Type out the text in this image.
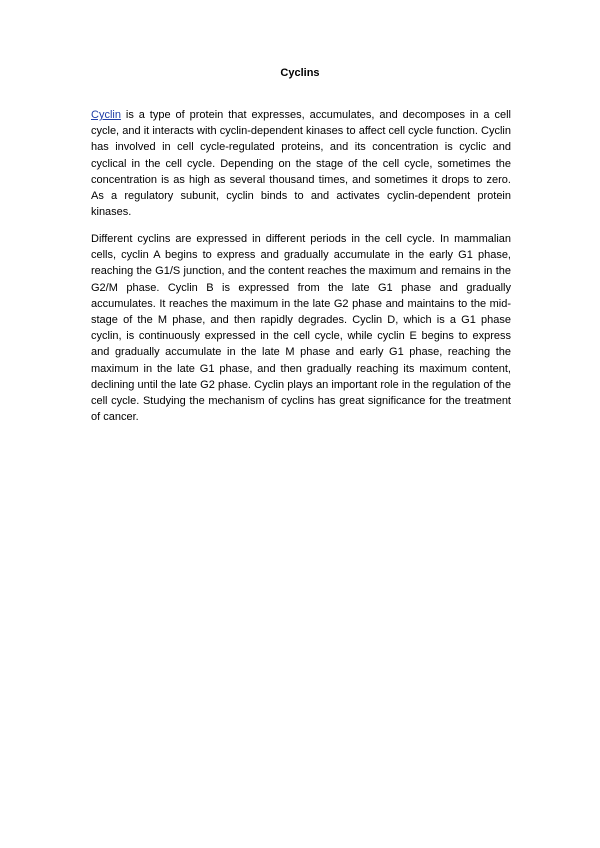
Cyclins

Cyclin is a type of protein that expresses, accumulates, and decomposes in a cell cycle, and it interacts with cyclin-dependent kinases to affect cell cycle function. Cyclin has involved in cell cycle-regulated proteins, and its concentration is cyclic and cyclical in the cell cycle. Depending on the stage of the cell cycle, sometimes the concentration is as high as several thousand times, and sometimes it drops to zero. As a regulatory subunit, cyclin binds to and activates cyclin-dependent protein kinases.

Different cyclins are expressed in different periods in the cell cycle. In mammalian cells, cyclin A begins to express and gradually accumulate in the early G1 phase, reaching the G1/S junction, and the content reaches the maximum and remains in the G2/M phase. Cyclin B is expressed from the late G1 phase and gradually accumulates. It reaches the maximum in the late G2 phase and maintains to the mid-stage of the M phase, and then rapidly degrades. Cyclin D, which is a G1 phase cyclin, is continuously expressed in the cell cycle, while cyclin E begins to express and gradually accumulate in the late M phase and early G1 phase, reaching the maximum in the late G1 phase, and then gradually reaching its maximum content, declining until the late G2 phase. Cyclin plays an important role in the regulation of the cell cycle. Studying the mechanism of cyclins has great significance for the treatment of cancer.
